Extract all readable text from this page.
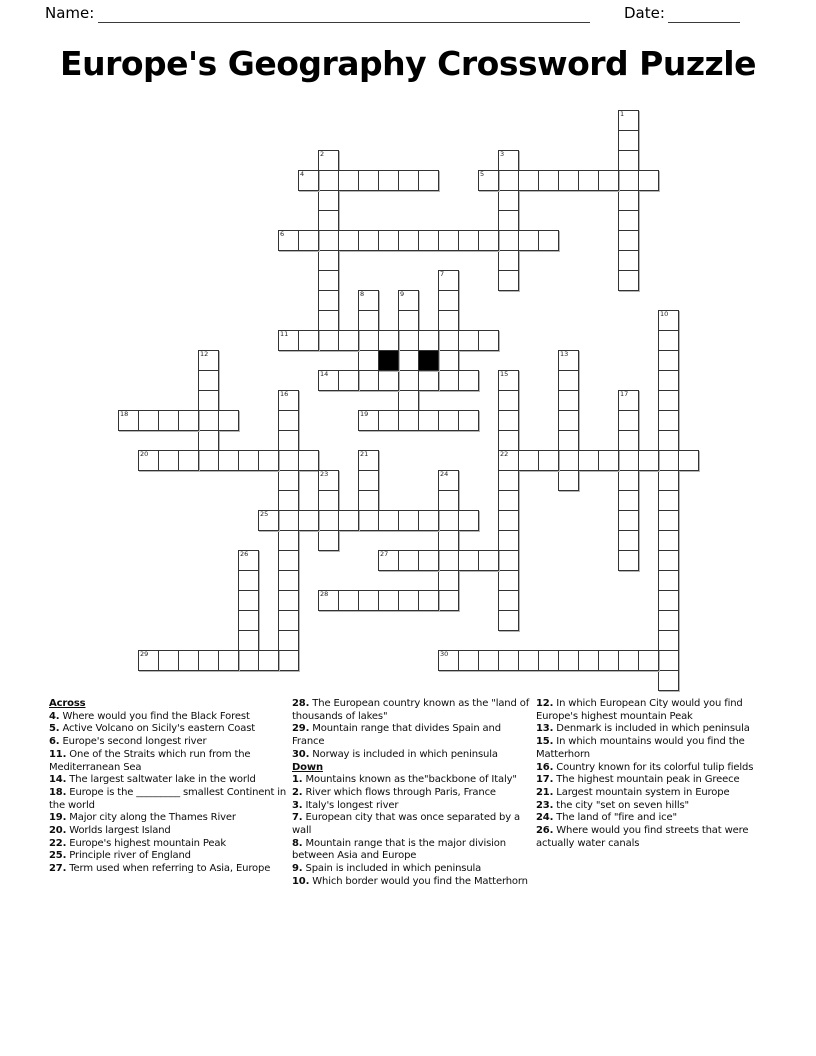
Name:	Date:
Europe's Geography Crossword Puzzle
1
2	3
4	5
6
7
8	9
10
11
12	13
14	15
22
16	17
18	19
20	21
23	24
25
26	27
28
29	30
Across
4. Where would you find the Black Forest
5. Active Volcano on Sicily's eastern Coast
6. Europe's second longest river
11. One of the Straits which run from the Mediterranean Sea
14. The largest saltwater lake in the world
18. Europe is the _________ smallest Continent in the world
19. Major city along the Thames River
20. Worlds largest Island
22. Europe's highest mountain Peak
25. Principle river of England
27. Term used when referring to Asia, Europe
28. The European country known as the "land of thousands of lakes"
29. Mountain range that divides Spain and France
30. Norway is included in which peninsula
Down
1. Mountains known as the"backbone of Italy"
2. River which flows through Paris, France
3. Italy's longest river
7. European city that was once separated by a wall
8. Mountain range that is the major division between Asia and Europe
9. Spain is included in which peninsula
10. Which border would you find the Matterhorn
12. In which European City would you find Europe's highest mountain Peak
13. Denmark is included in which peninsula
15. In which mountains would you find the Matterhorn
16. Country known for its colorful tulip fields
17. The highest mountain peak in Greece
21. Largest mountain system in Europe
23. the city "set on seven hills"
24. The land of "fire and ice"
26. Where would you find streets that were actually water canals
